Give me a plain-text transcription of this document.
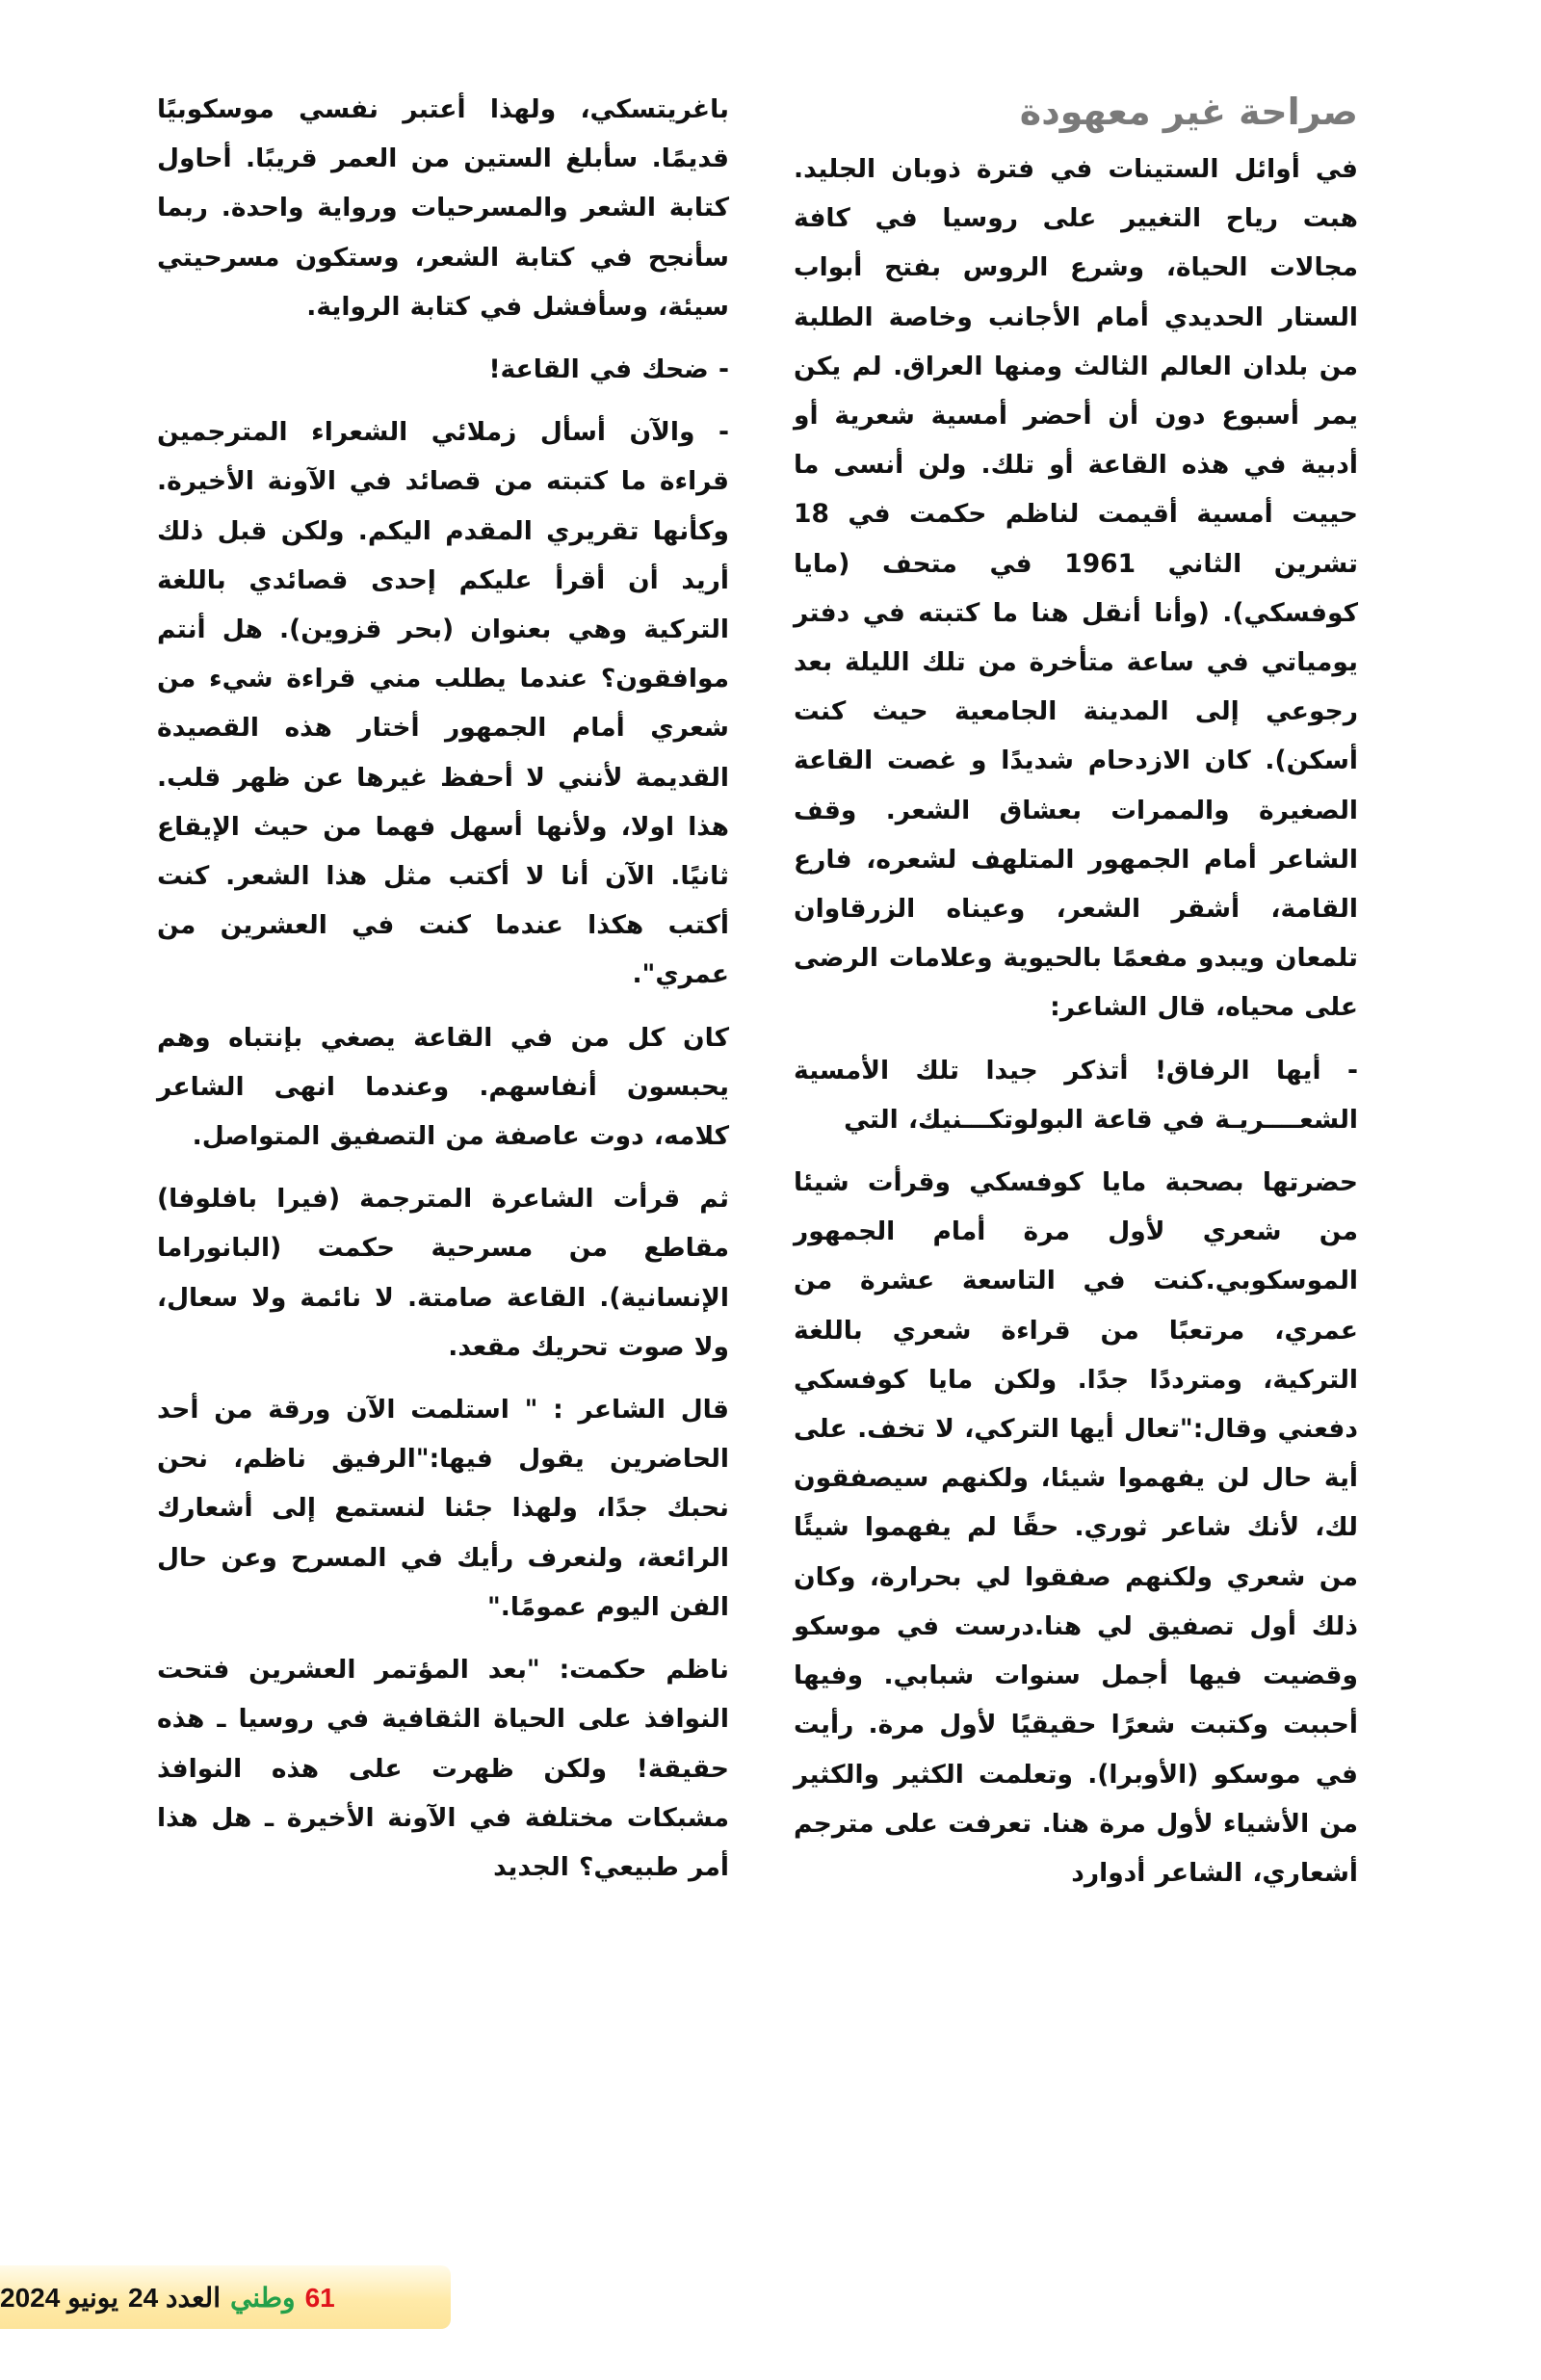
صراحة غير معهودة

في أوائل الستينات في فترة ذوبان الجليد. هبت رياح التغيير على روسيا في كافة مجالات الحياة، وشرع الروس بفتح أبواب الستار الحديدي أمام الأجانب وخاصة الطلبة من بلدان العالم الثالث ومنها العراق. لم يكن يمر أسبوع دون أن أحضر أمسية شعرية أو أدبية في هذه القاعة أو تلك. ولن أنسى ما حييت أمسية أقيمت لناظم حكمت في 18 تشرين الثاني 1961 في متحف (مايا كوفسكي). (وأنا أنقل هنا ما كتبته في دفتر يومياتي في ساعة متأخرة من تلك الليلة بعد رجوعي إلى المدينة الجامعية حيث كنت أسكن). كان الازدحام شديدًا و غصت القاعة الصغيرة والممرات بعشاق الشعر. وقف الشاعر أمام الجمهور المتلهف لشعره، فارع القامة، أشقر الشعر، وعيناه الزرقاوان تلمعان ويبدو مفعمًا بالحيوية وعلامات الرضى على محياه، قال الشاعر:

- أيها الرفاق! أتذكر جيدا تلك الأمسية الشعــــريـة في قاعة البولوتكـــنيك، التي

حضرتها بصحبة مايا كوفسكي وقرأت شيئا من شعري لأول مرة أمام الجمهور الموسكوبي.كنت في التاسعة عشرة من عمري، مرتعبًا من قراءة شعري باللغة التركية، ومترددًا جدًا. ولكن مايا كوفسكي دفعني وقال:"تعال أيها التركي، لا تخف. على أية حال لن يفهموا شيئا، ولكنهم سيصفقون لك، لأنك شاعر ثوري. حقًا لم يفهموا شيئًا من شعري ولكنهم صفقوا لي بحرارة، وكان ذلك أول تصفيق لي هنا.درست في موسكو وقضيت فيها أجمل سنوات شبابي. وفيها أحببت وكتبت شعرًا حقيقيًا لأول مرة. رأيت في موسكو (الأوبرا). وتعلمت الكثير والكثير من الأشياء لأول مرة هنا. تعرفت على مترجم أشعاري، الشاعر أدوارد

باغريتسكي، ولهذا أعتبر نفسي موسكوبيًا قديمًا. سأبلغ الستين من العمر قريبًا. أحاول كتابة الشعر والمسرحيات ورواية واحدة. ربما سأنجح في كتابة الشعر، وستكون مسرحيتي سيئة، وسأفشل في كتابة الرواية.

- ضحك في القاعة!

- والآن أسأل زملائي الشعراء المترجمين قراءة ما كتبته من قصائد في الآونة الأخيرة. وكأنها تقريري المقدم اليكم. ولكن قبل ذلك أريد أن أقرأ عليكم إحدى قصائدي باللغة التركية وهي بعنوان (بحر قزوين). هل أنتم موافقون؟ عندما يطلب مني قراءة شيء من شعري أمام الجمهور أختار هذه القصيدة القديمة لأنني لا أحفظ غيرها عن ظهر قلب. هذا اولا، ولأنها أسهل فهما من حيث الإيقاع ثانيًا. الآن أنا لا أكتب مثل هذا الشعر. كنت أكتب هكذا عندما كنت في العشرين من عمري".

كان كل من في القاعة يصغي بإنتباه وهم يحبسون أنفاسهم. وعندما انهى الشاعر كلامه، دوت عاصفة من التصفيق المتواصل.

ثم قرأت الشاعرة المترجمة (فيرا بافلوفا) مقاطع من مسرحية حكمت (البانوراما الإنسانية). القاعة صامتة. لا نائمة ولا سعال، ولا صوت تحريك مقعد.

قال الشاعر : " استلمت الآن ورقة من أحد الحاضرين يقول فيها:"الرفيق ناظم، نحن نحبك جدًا، ولهذا جئنا لنستمع إلى أشعارك الرائعة، ولنعرف رأيك في المسرح وعن حال الفن اليوم عمومًا."

ناظم حكمت: "بعد المؤتمر العشرين فتحت النوافذ على الحياة الثقافية في روسيا ـ هذه حقيقة! ولكن ظهرت على هذه النوافذ مشبكات مختلفة في الآونة الأخيرة ـ هل هذا أمر طبيعي؟ الجديد

61
وطني
العدد 24
يونيو 2024
